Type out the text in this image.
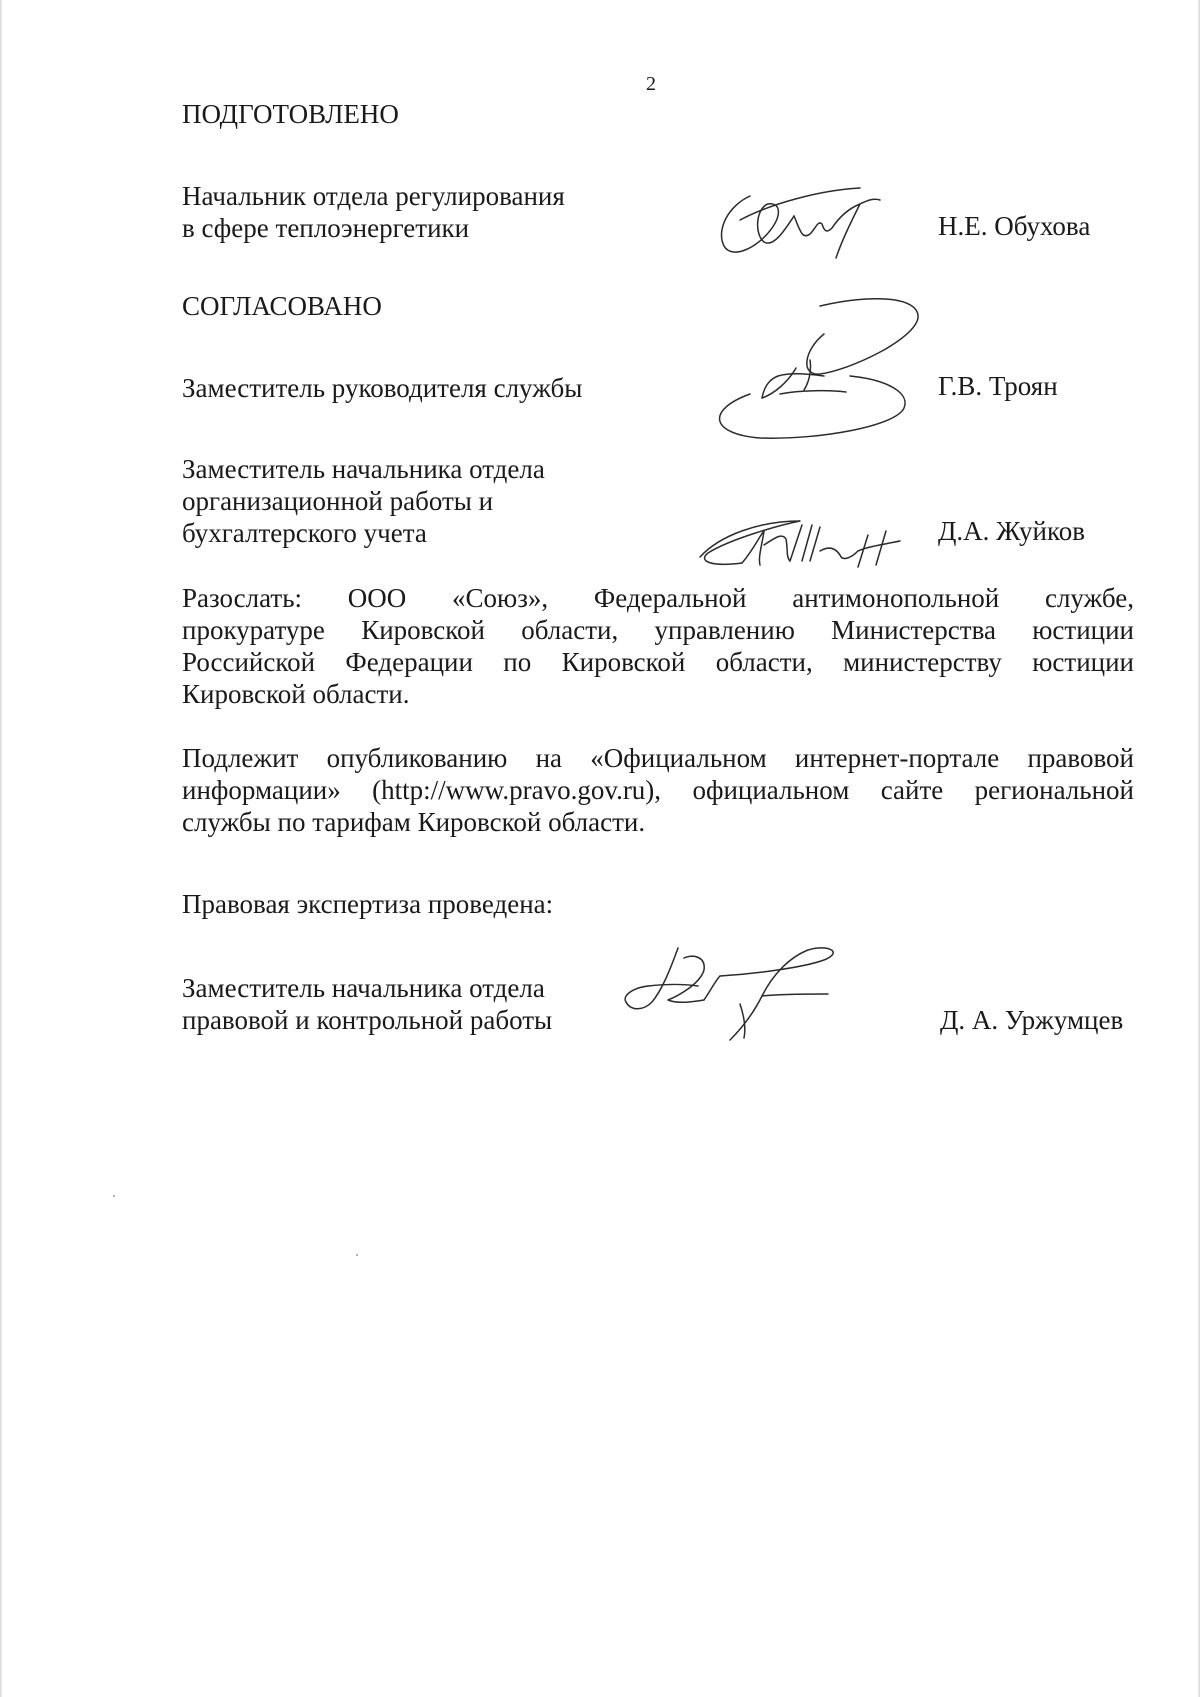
2
ПОДГОТОВЛЕНО
Начальник отдела регулирования
в сфере теплоэнергетики	Н.Е. Обухова
СОГЛАСОВАНО
Заместитель руководителя службы	Г.В. Троян
Заместитель начальника отдела
организационной работы и
бухгалтерского учета	Д.А. Жуйков
Разослать: ООО «Союз», Федеральной антимонопольной службе,
прокуратуре Кировской области, управлению Министерства юстиции
Российской Федерации по Кировской области, министерству юстиции
Кировской области.
Подлежит опубликованию на «Официальном интернет-портале правовой
информации» (http://www.pravo.gov.ru), официальном сайте региональной
службы по тарифам Кировской области.
Правовая экспертиза проведена:
Заместитель начальника отдела
правовой и контрольной работы	Д. А. Уржумцев
